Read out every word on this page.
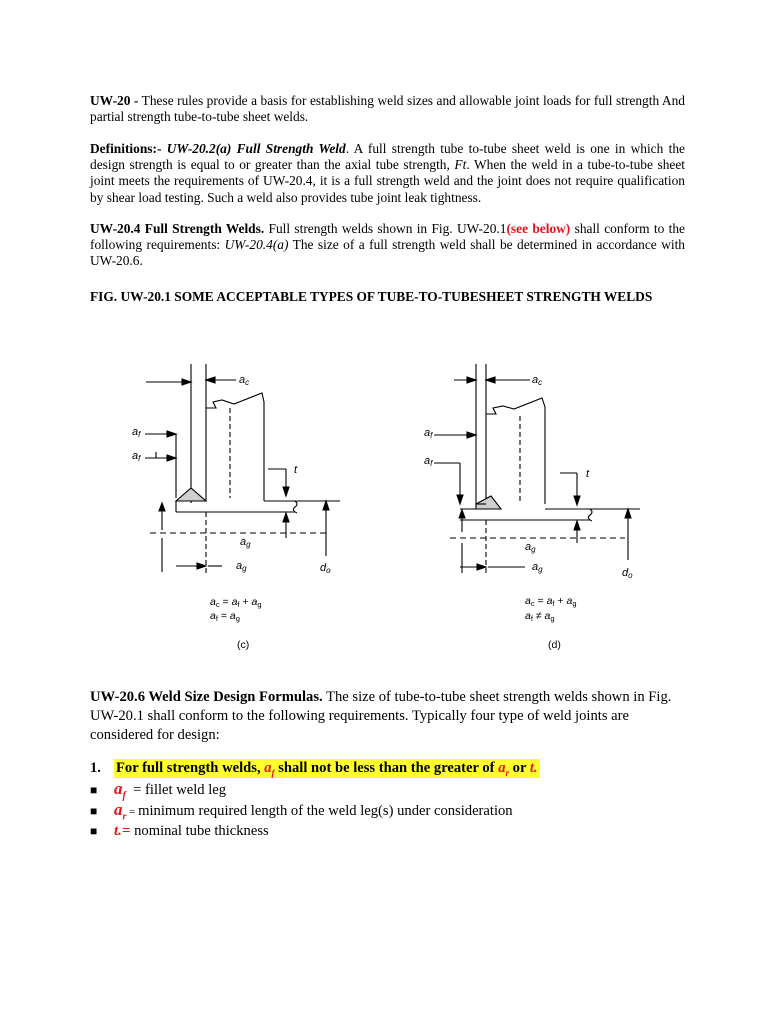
UW-20 - These rules provide a basis for establishing weld sizes and allowable joint loads for full strength And partial strength tube-to-tube sheet welds.
Definitions:- UW-20.2(a) Full Strength Weld. A full strength tube to-tube sheet weld is one in which the design strength is equal to or greater than the axial tube strength, Ft. When the weld in a tube-to-tube sheet joint meets the requirements of UW-20.4, it is a full strength weld and the joint does not require qualification by shear load testing. Such a weld also provides tube joint leak tightness.
UW-20.4 Full Strength Welds. Full strength welds shown in Fig. UW-20.1(see below) shall conform to the following requirements: UW-20.4(a) The size of a full strength weld shall be determined in accordance with UW-20.6.
FIG. UW-20.1 SOME ACCEPTABLE TYPES OF TUBE-TO-TUBESHEET STRENGTH WELDS
ac
af
af
t
ag
ag	do
ac = af + ag
af = ag
(c)
ac
af
af
t
ag
ag	do
ac = af + ag
af ≠ ag
(d)
UW-20.6 Weld Size Design Formulas. The size of tube-to-tube sheet strength welds shown in Fig. UW-20.1 shall conform to the following requirements. Typically four type of weld joints are considered for design:
1. For full strength welds, $a_f$ shall not be less than the greater of $a_r$ or t.
■ $a_f$  = fillet weld leg
■ $a_r$ = minimum required length of the weld leg(s) under consideration
■ t.= nominal tube thickness
